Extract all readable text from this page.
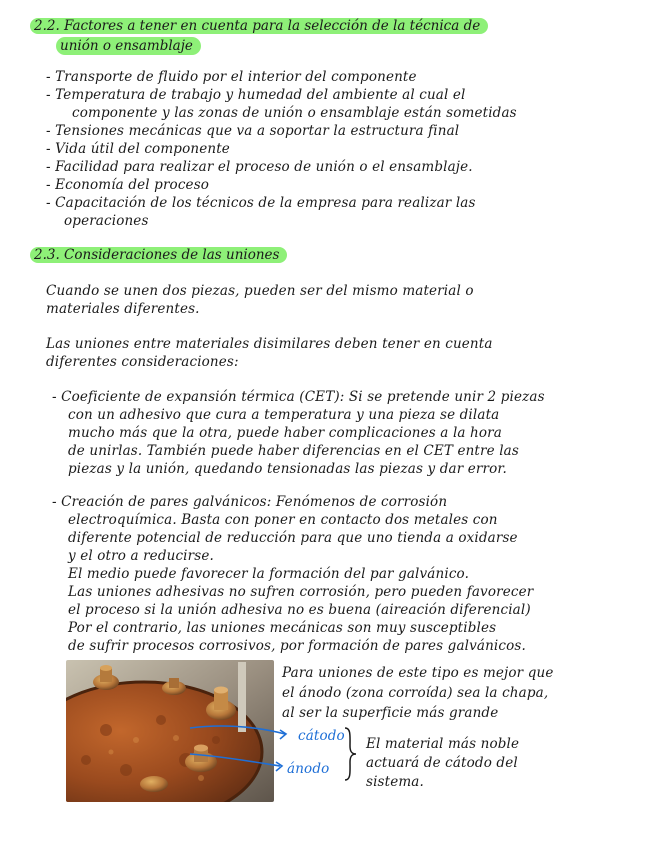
2.2. Factores a tener en cuenta para la selección de la técnica de
unión o ensamblaje
- Transporte de fluido por el interior del componente
- Temperatura de trabajo y humedad del ambiente al cual el
componente y las zonas de unión o ensamblaje están sometidas
- Tensiones mecánicas que va a soportar la estructura final
- Vida útil del componente
- Facilidad para realizar el proceso de unión o el ensamblaje.
- Economía del proceso
- Capacitación de los técnicos de la empresa para realizar las
operaciones
2.3. Consideraciones de las uniones
Cuando se unen dos piezas, pueden ser del mismo material o
materiales diferentes.
Las uniones entre materiales disimilares deben tener en cuenta
diferentes consideraciones:
- Coeficiente de expansión térmica (CET): Si se pretende unir 2 piezas
con un adhesivo que cura a temperatura y una pieza se dilata
mucho más que la otra, puede haber complicaciones a la hora
de unirlas. También puede haber diferencias en el CET entre las
piezas y la unión, quedando tensionadas las piezas y dar error.
- Creación de pares galvánicos: Fenómenos de corrosión
electroquímica. Basta con poner en contacto dos metales con
diferente potencial de reducción para que uno tienda a oxidarse
y el otro a reducirse.
El medio puede favorecer la formación del par galvánico.
Las uniones adhesivas no sufren corrosión, pero pueden favorecer
el proceso si la unión adhesiva no es buena (aireación diferencial)
Por el contrario, las uniones mecánicas son muy susceptibles
de sufrir procesos corrosivos, por formación de pares galvánicos.
Para uniones de este tipo es mejor que
el ánodo (zona corroída) sea la chapa,
al ser la superficie más grande
cátodo
ánodo
El material más noble
actuará de cátodo del
sistema.
